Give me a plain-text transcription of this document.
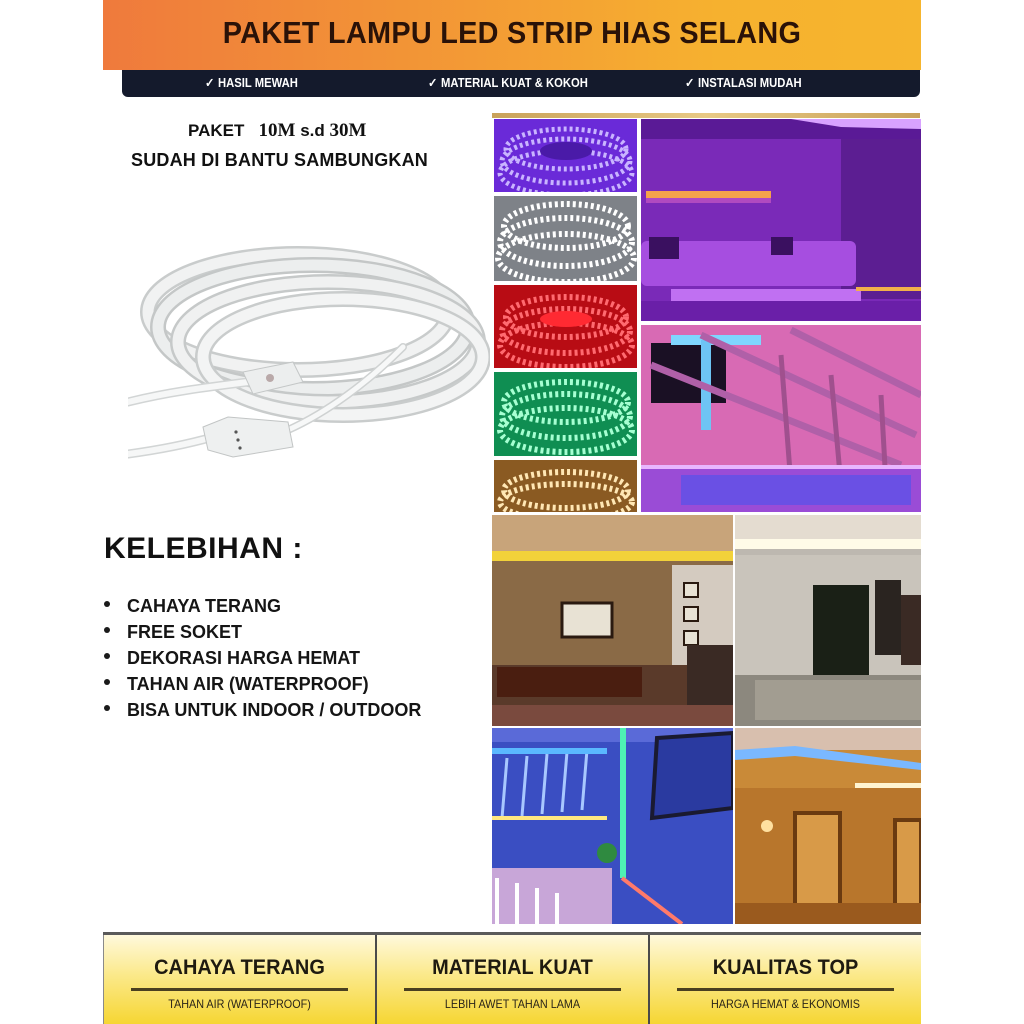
PAKET LAMPU LED STRIP HIAS SELANG
✓ HASIL MEWAH	✓ MATERIAL KUAT & KOKOH	✓ INSTALASI MUDAH
PAKET 10M s.d 30M
SUDAH DI BANTU SAMBUNGKAN
KELEBIHAN :
CAHAYA TERANG
FREE SOKET
DEKORASI HARGA HEMAT
TAHAN AIR (WATERPROOF)
BISA UNTUK INDOOR / OUTDOOR
CAHAYA TERANG
TAHAN AIR (WATERPROOF)
MATERIAL KUAT
LEBIH AWET TAHAN LAMA
KUALITAS TOP
HARGA HEMAT & EKONOMIS
